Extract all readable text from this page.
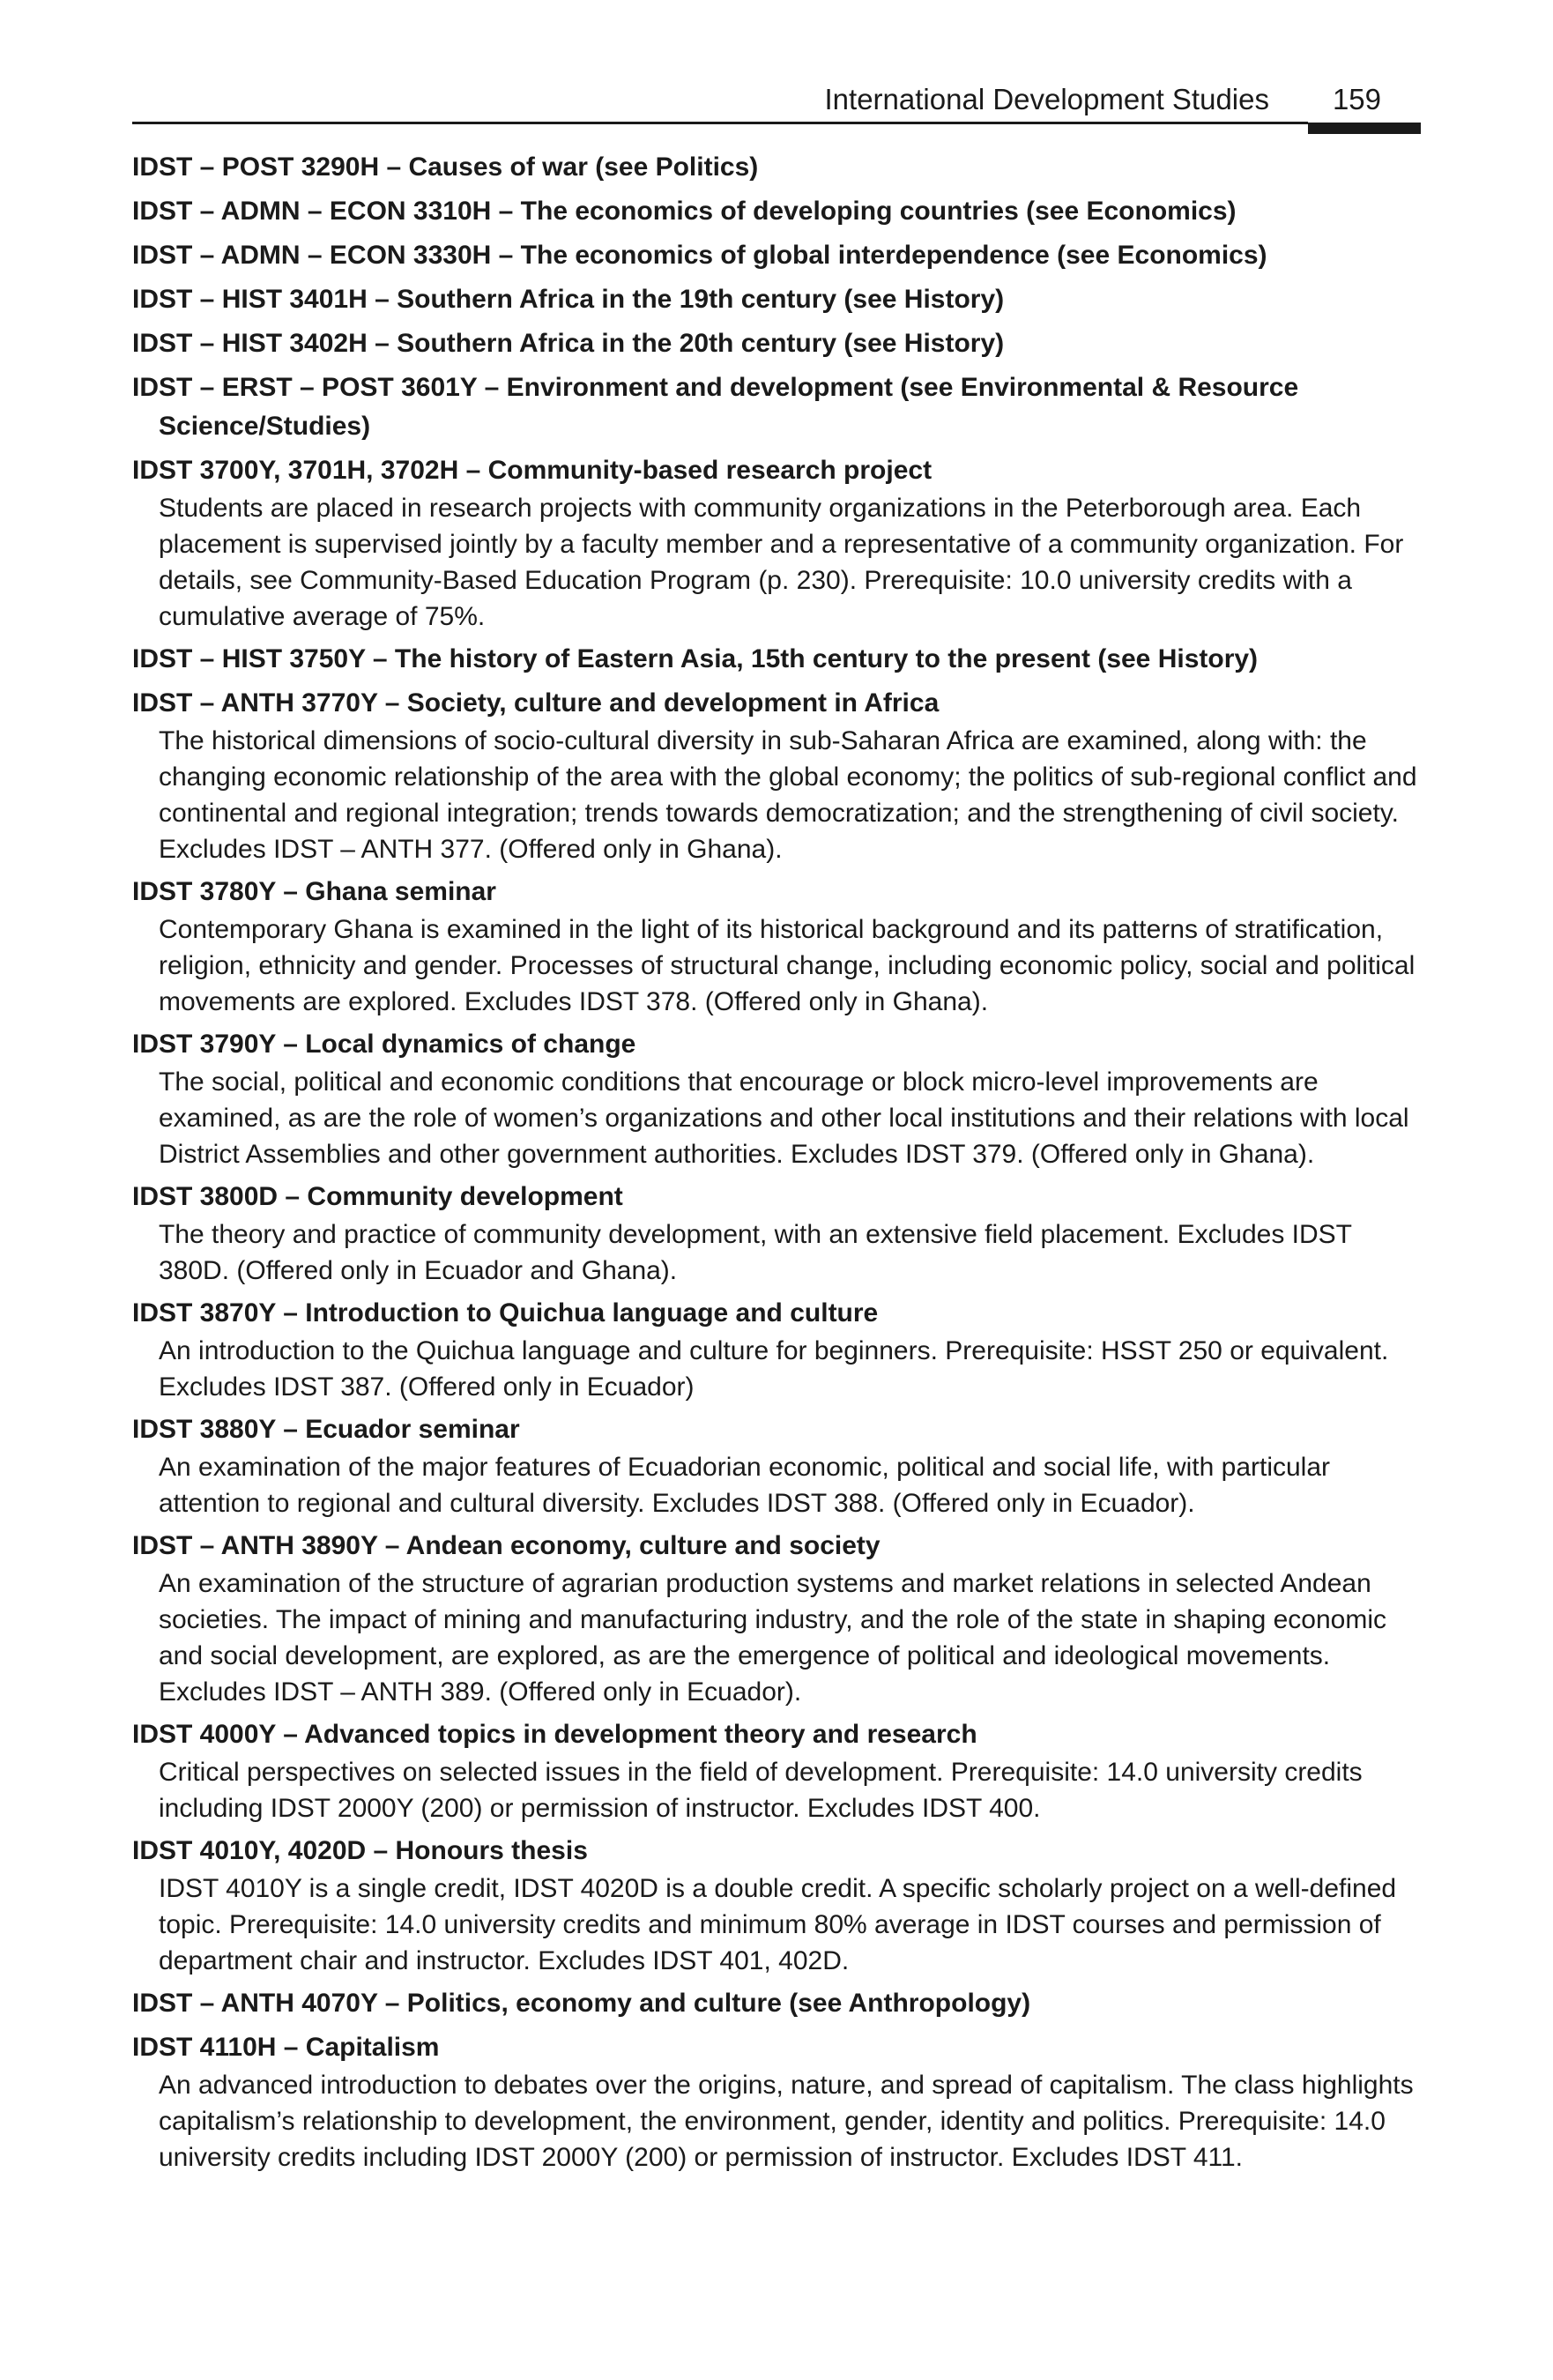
International Development Studies 159

IDST – POST 3290H – Causes of war (see Politics)

IDST – ADMN – ECON 3310H – The economics of developing countries (see Economics)

IDST – ADMN – ECON 3330H – The economics of global interdependence (see Economics)

IDST – HIST 3401H – Southern Africa in the 19th century (see History)

IDST – HIST 3402H – Southern Africa in the 20th century (see History)

IDST – ERST – POST 3601Y – Environment and development (see Environmental & Resource Science/Studies)

IDST 3700Y, 3701H, 3702H – Community-based research project

Students are placed in research projects with community organizations in the Peterborough area. Each placement is supervised jointly by a faculty member and a representative of a community organization. For details, see Community-Based Education Program (p. 230). Prerequisite: 10.0 university credits with a cumulative average of 75%.

IDST – HIST 3750Y – The history of Eastern Asia, 15th century to the present (see History)

IDST – ANTH 3770Y – Society, culture and development in Africa

The historical dimensions of socio-cultural diversity in sub-Saharan Africa are examined, along with: the changing economic relationship of the area with the global economy; the politics of sub-regional conflict and continental and regional integration; trends towards democratization; and the strengthening of civil society. Excludes IDST – ANTH 377. (Offered only in Ghana).

IDST 3780Y – Ghana seminar

Contemporary Ghana is examined in the light of its historical background and its patterns of stratification, religion, ethnicity and gender. Processes of structural change, including economic policy, social and political movements are explored. Excludes IDST 378. (Offered only in Ghana).

IDST 3790Y – Local dynamics of change

The social, political and economic conditions that encourage or block micro-level improvements are examined, as are the role of women’s organizations and other local institutions and their relations with local District Assemblies and other government authorities. Excludes IDST 379. (Offered only in Ghana).

IDST 3800D – Community development

The theory and practice of community development, with an extensive field placement. Excludes IDST 380D. (Offered only in Ecuador and Ghana).

IDST 3870Y – Introduction to Quichua language and culture

An introduction to the Quichua language and culture for beginners. Prerequisite: HSST 250 or equivalent. Excludes IDST 387. (Offered only in Ecuador)

IDST 3880Y – Ecuador seminar

An examination of the major features of Ecuadorian economic, political and social life, with particular attention to regional and cultural diversity. Excludes IDST 388. (Offered only in Ecuador).

IDST – ANTH 3890Y – Andean economy, culture and society

An examination of the structure of agrarian production systems and market relations in selected Andean societies. The impact of mining and manufacturing industry, and the role of the state in shaping economic and social development, are explored, as are the emergence of political and ideological movements. Excludes IDST – ANTH 389. (Offered only in Ecuador).

IDST 4000Y – Advanced topics in development theory and research

Critical perspectives on selected issues in the field of development. Prerequisite: 14.0 university credits including IDST 2000Y (200) or permission of instructor. Excludes IDST 400.

IDST 4010Y, 4020D – Honours thesis

IDST 4010Y is a single credit, IDST 4020D is a double credit. A specific scholarly project on a well-defined topic. Prerequisite: 14.0 university credits and minimum 80% average in IDST courses and permission of department chair and instructor. Excludes IDST 401, 402D.

IDST – ANTH 4070Y – Politics, economy and culture (see Anthropology)

IDST 4110H – Capitalism

An advanced introduction to debates over the origins, nature, and spread of capitalism. The class highlights capitalism’s relationship to development, the environment, gender, identity and politics. Prerequisite: 14.0 university credits including IDST 2000Y (200) or permission of instructor. Excludes IDST 411.
